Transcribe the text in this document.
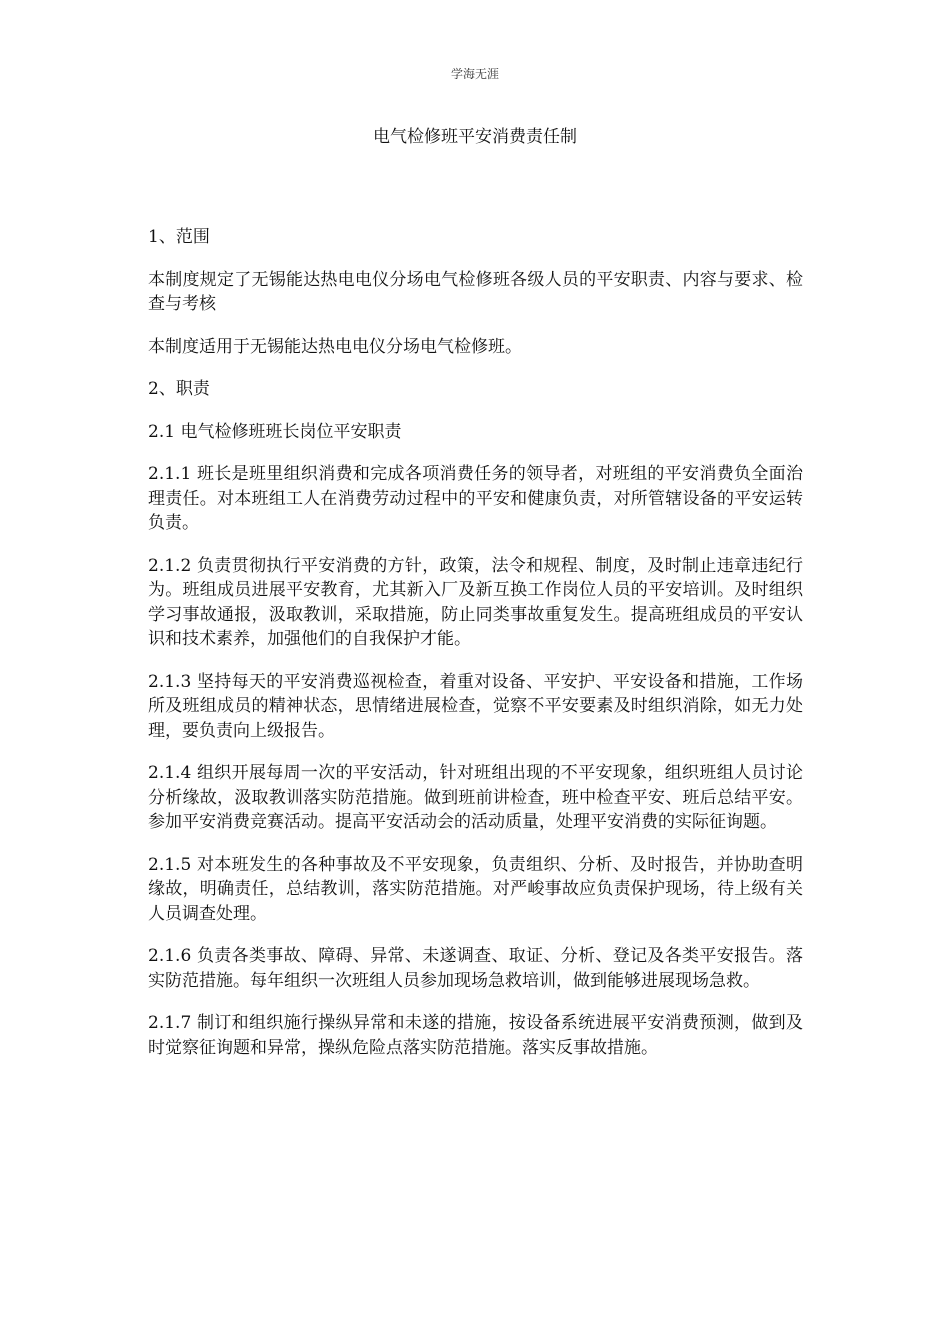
学海无涯
电气检修班平安消费责任制

1、范围

本制度规定了无锡能达热电电仪分场电气检修班各级人员的平安职责、内容与要求、检查与考核

本制度适用于无锡能达热电电仪分场电气检修班。

2、职责

2.1 电气检修班班长岗位平安职责

2.1.1 班长是班里组织消费和完成各项消费任务的领导者，对班组的平安消费负全面治理责任。对本班组工人在消费劳动过程中的平安和健康负责，对所管辖设备的平安运转负责。

2.1.2 负责贯彻执行平安消费的方针，政策，法令和规程、制度，及时制止违章违纪行为。班组成员进展平安教育，尤其新入厂及新互换工作岗位人员的平安培训。及时组织学习事故通报，汲取教训，采取措施，防止同类事故重复发生。提高班组成员的平安认识和技术素养，加强他们的自我保护才能。

2.1.3 坚持每天的平安消费巡视检查，着重对设备、平安护、平安设备和措施，工作场所及班组成员的精神状态，思情绪进展检查，觉察不平安要素及时组织消除，如无力处理，要负责向上级报告。

2.1.4 组织开展每周一次的平安活动，针对班组出现的不平安现象，组织班组人员讨论分析缘故，汲取教训落实防范措施。做到班前讲检查，班中检查平安、班后总结平安。参加平安消费竞赛活动。提高平安活动会的活动质量，处理平安消费的实际征询题。

2.1.5 对本班发生的各种事故及不平安现象，负责组织、分析、及时报告，并协助查明缘故，明确责任，总结教训，落实防范措施。对严峻事故应负责保护现场，待上级有关人员调查处理。

2.1.6 负责各类事故、障碍、异常、未遂调查、取证、分析、登记及各类平安报告。落实防范措施。每年组织一次班组人员参加现场急救培训，做到能够进展现场急救。

2.1.7 制订和组织施行操纵异常和未遂的措施，按设备系统进展平安消费预测，做到及时觉察征询题和异常，操纵危险点落实防范措施。落实反事故措施。
